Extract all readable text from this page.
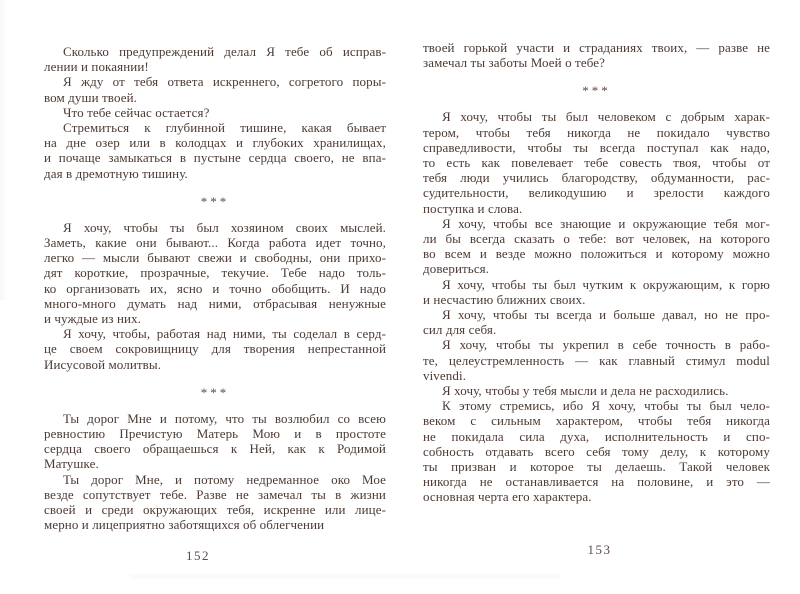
Сколько предупреждений делал Я тебе об исправ-
лении и покаянии!
Я жду от тебя ответа искреннего, согретого поры-
вом души твоей.
Что тебе сейчас остается?
Стремиться к глубинной тишине, какая бывает
на дне озер или в колодцах и глубоких хранилищах,
и почаще замыкаться в пустыне сердца своего, не впа-
дая в дремотную тишину.
***
Я хочу, чтобы ты был хозяином своих мыслей.
Заметь, какие они бывают... Когда работа идет точно,
легко — мысли бывают свежи и свободны, они прихо-
дят короткие, прозрачные, текучие. Тебе надо толь-
ко организовать их, ясно и точно обобщить. И надо
много-много думать над ними, отбрасывая ненужные
и чуждые из них.
Я хочу, чтобы, работая над ними, ты соделал в серд-
це своем сокровищницу для творения непрестанной
Иисусовой молитвы.
***
Ты дорог Мне и потому, что ты возлюбил со всею
ревностию Пречистую Матерь Мою и в простоте
сердца своего обращаешься к Ней, как к Родимой
Матушке.
Ты дорог Мне, и потому недреманное око Мое
везде сопутствует тебе. Разве не замечал ты в жизни
своей и среди окружающих тебя, искренне или лице-
мерно и лицеприятно заботящихся об облегчении
152
твоей горькой участи и страданиях твоих, — разве не
замечал ты заботы Моей о тебе?
***
Я хочу, чтобы ты был человеком с добрым харак-
тером, чтобы тебя никогда не покидало чувство
справедливости, чтобы ты всегда поступал как надо,
то есть как повелевает тебе совесть твоя, чтобы от
тебя люди учились благородству, обдуманности, рас-
судительности, великодушию и зрелости каждого
поступка и слова.
Я хочу, чтобы все знающие и окружающие тебя мог-
ли бы всегда сказать о тебе: вот человек, на которого
во всем и везде можно положиться и которому можно
довериться.
Я хочу, чтобы ты был чутким к окружающим, к горю
и несчастию ближних своих.
Я хочу, чтобы ты всегда и больше давал, но не про-
сил для себя.
Я хочу, чтобы ты укрепил в себе точность в рабо-
те, целеустремленность — как главный стимул modul
vivendi.
Я хочу, чтобы у тебя мысли и дела не расходились.
К этому стремись, ибо Я хочу, чтобы ты был чело-
веком с сильным характером, чтобы тебя никогда
не покидала сила духа, исполнительность и спо-
собность отдавать всего себя тому делу, к которому
ты призван и которое ты делаешь. Такой человек
никогда не останавливается на половине, и это —
основная черта его характера.
153
